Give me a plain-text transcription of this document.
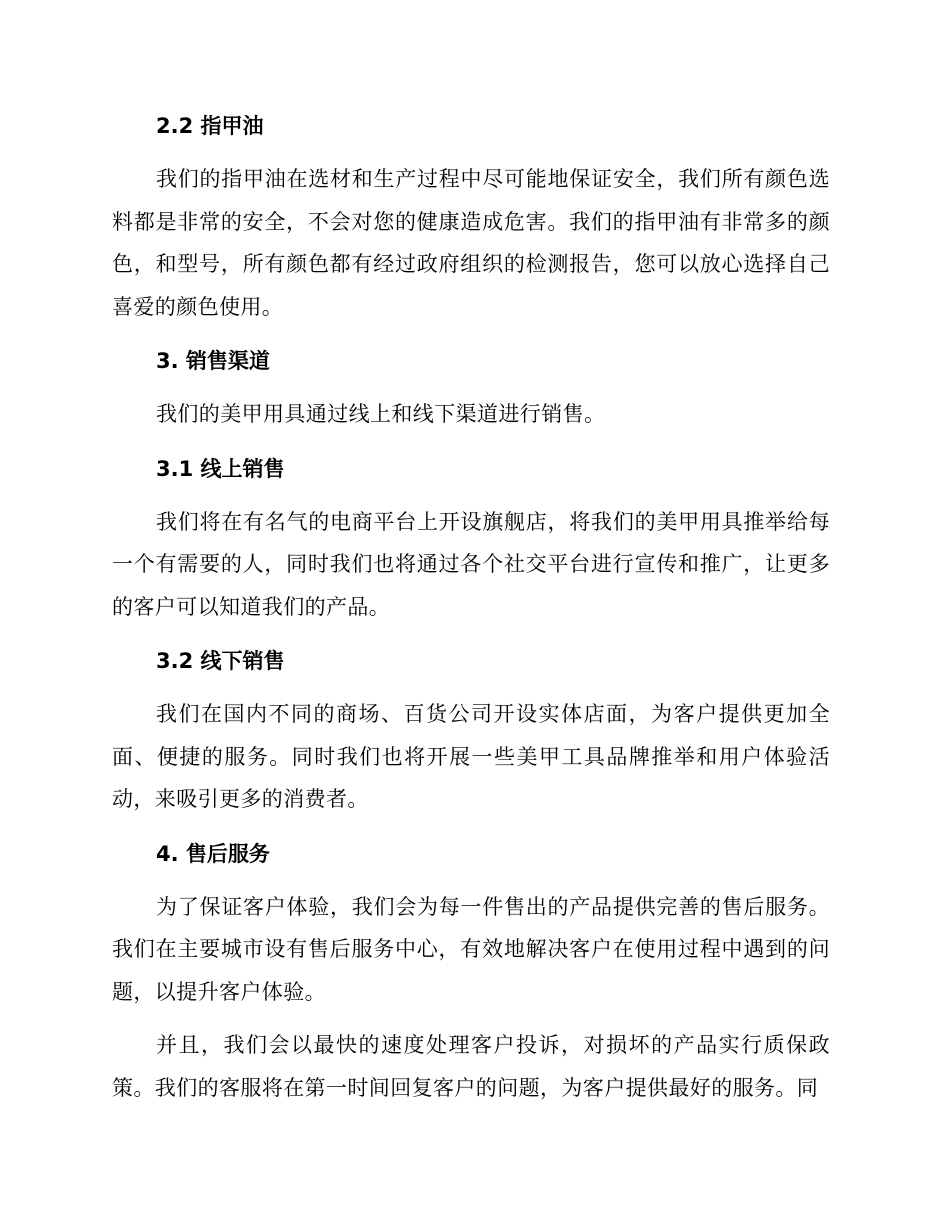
2.2 指甲油

我们的指甲油在选材和生产过程中尽可能地保证安全，我们所有颜色选料都是非常的安全，不会对您的健康造成危害。我们的指甲油有非常多的颜色，和型号，所有颜色都有经过政府组织的检测报告，您可以放心选择自己喜爱的颜色使用。

3. 销售渠道

我们的美甲用具通过线上和线下渠道进行销售。

3.1 线上销售

我们将在有名气的电商平台上开设旗舰店，将我们的美甲用具推举给每一个有需要的人，同时我们也将通过各个社交平台进行宣传和推广，让更多的客户可以知道我们的产品。

3.2 线下销售

我们在国内不同的商场、百货公司开设实体店面，为客户提供更加全面、便捷的服务。同时我们也将开展一些美甲工具品牌推举和用户体验活动，来吸引更多的消费者。

4. 售后服务

为了保证客户体验，我们会为每一件售出的产品提供完善的售后服务。我们在主要城市设有售后服务中心，有效地解决客户在使用过程中遇到的问题，以提升客户体验。

并且，我们会以最快的速度处理客户投诉，对损坏的产品实行质保政策。我们的客服将在第一时间回复客户的问题，为客户提供最好的服务。同
